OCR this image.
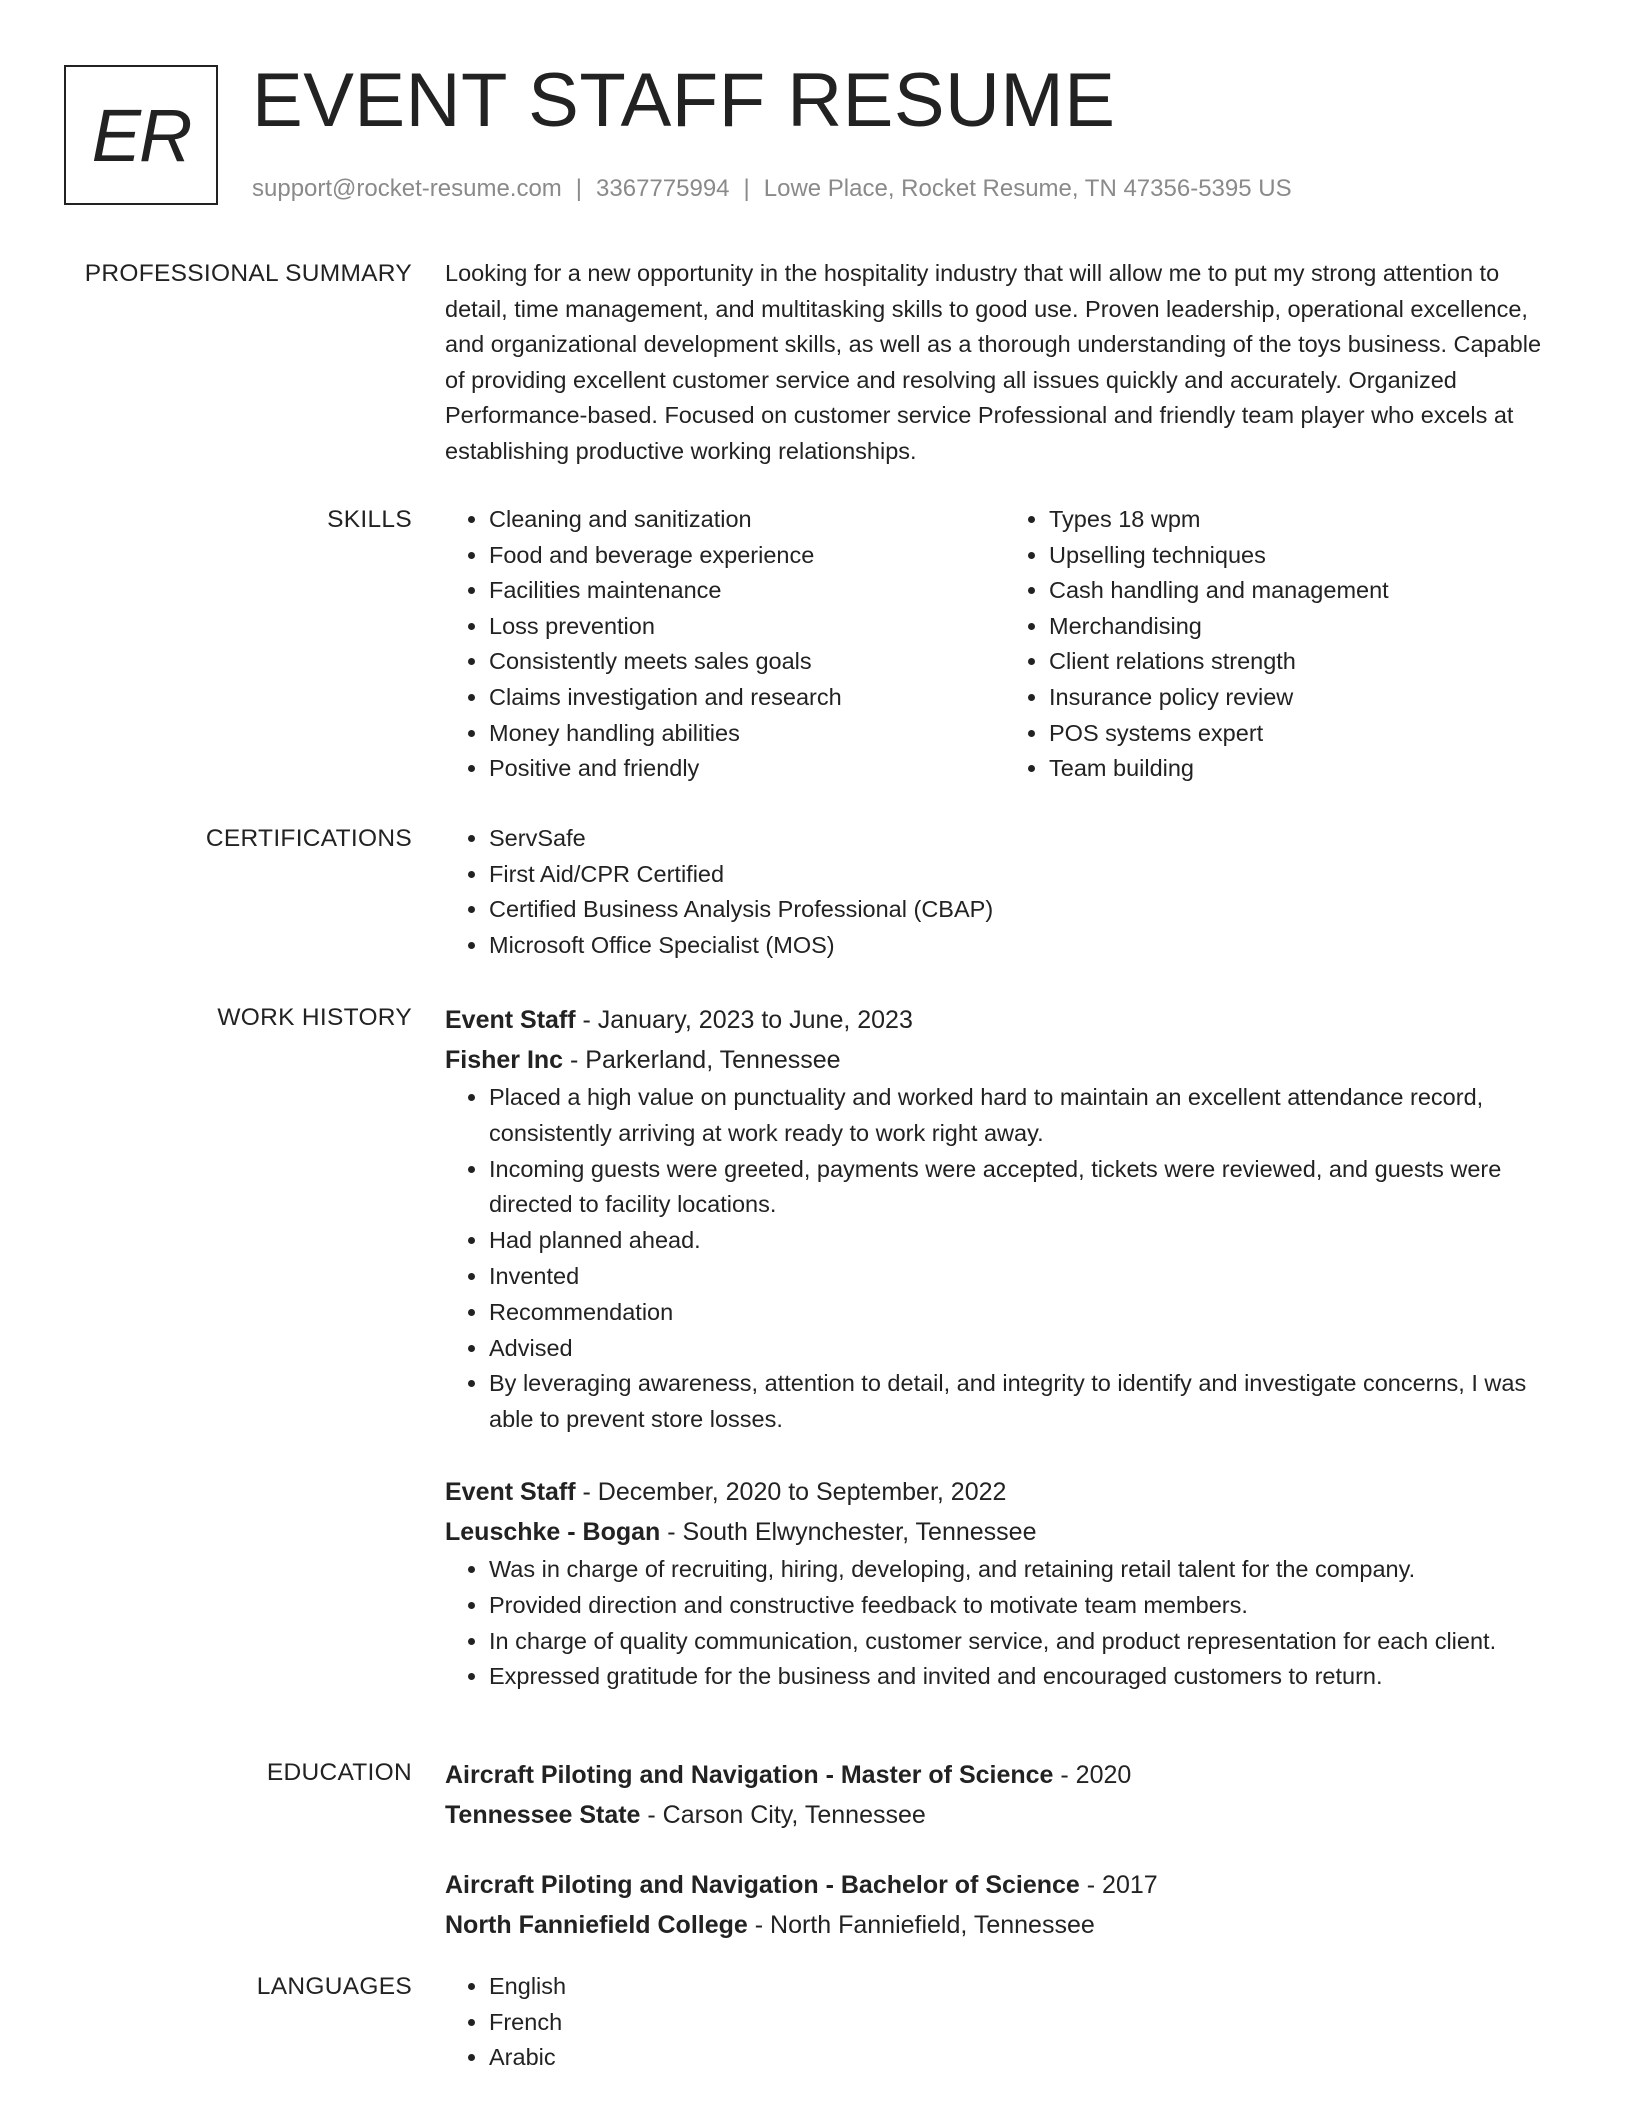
ER EVENT STAFF RESUME
support@rocket-resume.com | 3367775994 | Lowe Place, Rocket Resume, TN 47356-5395 US
PROFESSIONAL SUMMARY Looking for a new opportunity in the hospitality industry that will allow me to put my strong attention to detail, time management, and multitasking skills to good use. Proven leadership, operational excellence, and organizational development skills, as well as a thorough understanding of the toys business. Capable of providing excellent customer service and resolving all issues quickly and accurately. Organized Performance-based. Focused on customer service Professional and friendly team player who excels at establishing productive working relationships.

SKILLS	• Cleaning and sanitization
• Food and beverage experience
• Facilities maintenance
• Loss prevention
• Consistently meets sales goals
• Claims investigation and research
• Money handling abilities
• Positive and friendly
• Types 18 wpm
• Upselling techniques
• Cash handling and management
• Merchandising
• Client relations strength
• Insurance policy review
• POS systems expert
• Team building
CERTIFICATIONS	• ServSafe
• First Aid/CPR Certified
• Certified Business Analysis Professional (CBAP)
• Microsoft Office Specialist (MOS)
WORK HISTORY Event Staff - January, 2023 to June, 2023
Fisher Inc - Parkerland, Tennessee
• Placed a high value on punctuality and worked hard to maintain an excellent attendance record, consistently arriving at work ready to work right away.
• Incoming guests were greeted, payments were accepted, tickets were reviewed, and guests were directed to facility locations.
• Had planned ahead.
• Invented
• Recommendation
• Advised
• By leveraging awareness, attention to detail, and integrity to identify and investigate concerns, I was able to prevent store losses.
Event Staff - December, 2020 to September, 2022
Leuschke - Bogan - South Elwynchester, Tennessee
• Was in charge of recruiting, hiring, developing, and retaining retail talent for the company.
• Provided direction and constructive feedback to motivate team members.
• In charge of quality communication, customer service, and product representation for each client.
• Expressed gratitude for the business and invited and encouraged customers to return.
EDUCATION Aircraft Piloting and Navigation - Master of Science - 2020
Tennessee State - Carson City, Tennessee
Aircraft Piloting and Navigation - Bachelor of Science - 2017
North Fanniefield College - North Fanniefield, Tennessee
LANGUAGES	• English
• French
• Arabic
